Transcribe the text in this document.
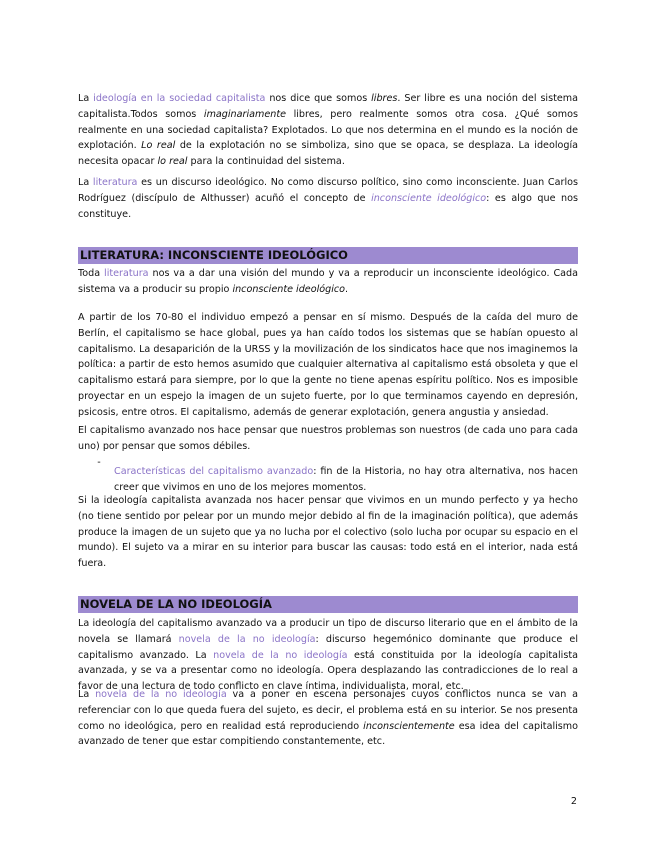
La ideología en la sociedad capitalista nos dice que somos libres. Ser libre es una noción del sistema capitalista.Todos somos imaginariamente libres, pero realmente somos otra cosa. ¿Qué somos realmente en una sociedad capitalista? Explotados. Lo que nos determina en el mundo es la noción de explotación. Lo real de la explotación no se simboliza, sino que se opaca, se desplaza. La ideología necesita opacar lo real para la continuidad del sistema.

La literatura es un discurso ideológico. No como discurso político, sino como inconsciente. Juan Carlos Rodríguez (discípulo de Althusser) acuñó el concepto de inconsciente ideológico: es algo que nos constituye.

LITERATURA: INCONSCIENTE IDEOLÓGICO

Toda literatura nos va a dar una visión del mundo y va a reproducir un inconsciente ideológico. Cada sistema va a producir su propio inconsciente ideológico.

A partir de los 70-80 el individuo empezó a pensar en sí mismo. Después de la caída del muro de Berlín, el capitalismo se hace global, pues ya han caído todos los sistemas que se habían opuesto al capitalismo. La desaparición de la URSS y la movilización de los sindicatos hace que nos imaginemos la política: a partir de esto hemos asumido que cualquier alternativa al capitalismo está obsoleta y que el capitalismo estará para siempre, por lo que la gente no tiene apenas espíritu político. Nos es imposible proyectar en un espejo la imagen de un sujeto fuerte, por lo que terminamos cayendo en depresión, psicosis, entre otros. El capitalismo, además de generar explotación, genera angustia y ansiedad.

El capitalismo avanzado nos hace pensar que nuestros problemas son nuestros (de cada uno para cada uno) por pensar que somos débiles.

-

Características del capitalismo avanzado: fin de la Historia, no hay otra alternativa, nos hacen creer que vivimos en uno de los mejores momentos.

Si la ideología capitalista avanzada nos hacer pensar que vivimos en un mundo perfecto y ya hecho (no tiene sentido por pelear por un mundo mejor debido al fin de la imaginación política), que además produce la imagen de un sujeto que ya no lucha por el colectivo (solo lucha por ocupar su espacio en el mundo). El sujeto va a mirar en su interior para buscar las causas: todo está en el interior, nada está fuera.

NOVELA DE LA NO IDEOLOGÍA

La ideología del capitalismo avanzado va a producir un tipo de discurso literario que en el ámbito de la novela se llamará novela de la no ideología: discurso hegemónico dominante que produce el capitalismo avanzado. La novela de la no ideología está constituida por la ideología capitalista avanzada, y se va a presentar como no ideología. Opera desplazando las contradicciones de lo real a favor de una lectura de todo conflicto en clave íntima, individualista, moral, etc.

La novela de la no ideología va a poner en escena personajes cuyos conflictos nunca se van a referenciar con lo que queda fuera del sujeto, es decir, el problema está en su interior. Se nos presenta como no ideológica, pero en realidad está reproduciendo inconscientemente esa idea del capitalismo avanzado de tener que estar compitiendo constantemente, etc.

2
